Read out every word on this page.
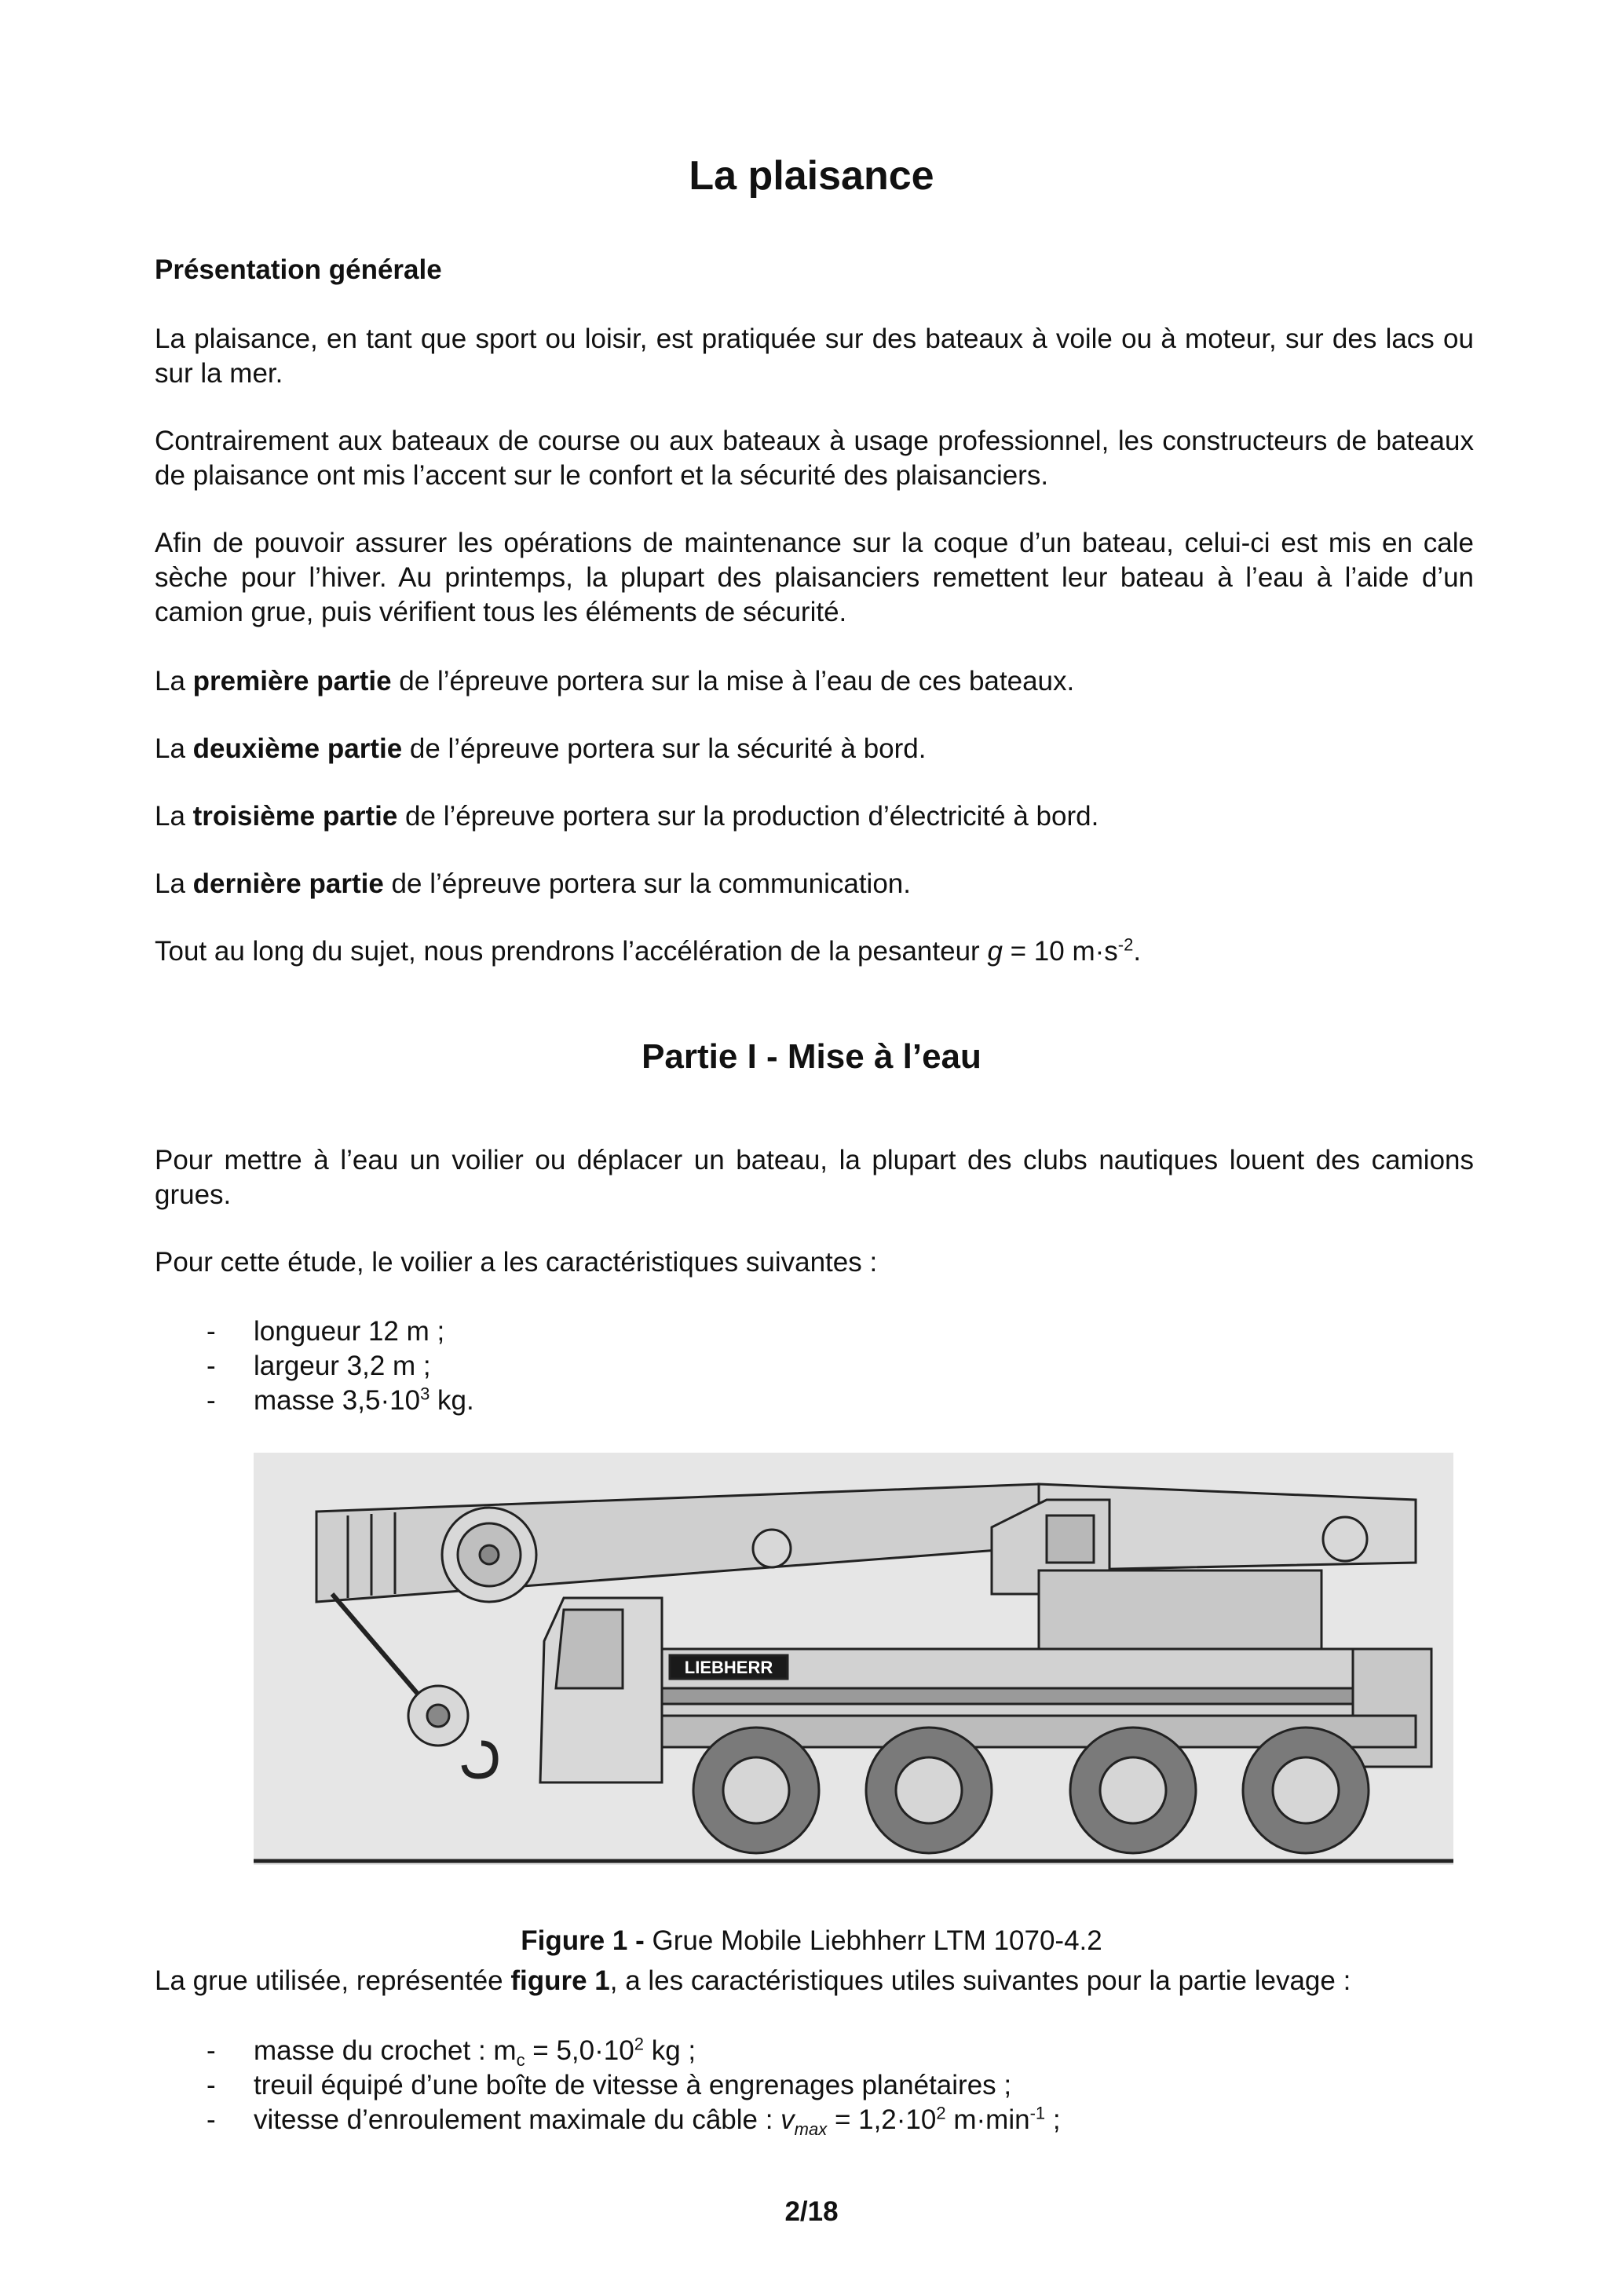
La plaisance

Présentation générale

La plaisance, en tant que sport ou loisir, est pratiquée sur des bateaux à voile ou à moteur, sur des lacs ou sur la mer.

Contrairement aux bateaux de course ou aux bateaux à usage professionnel, les constructeurs de bateaux de plaisance ont mis l’accent sur le confort et la sécurité des plaisanciers.

Afin de pouvoir assurer les opérations de maintenance sur la coque d’un bateau, celui-ci est mis en cale sèche pour l’hiver. Au printemps, la plupart des plaisanciers remettent leur bateau à l’eau à l’aide d’un camion grue, puis vérifient tous les éléments de sécurité.

La première partie de l’épreuve portera sur la mise à l’eau de ces bateaux.

La deuxième partie de l’épreuve portera sur la sécurité à bord.

La troisième partie de l’épreuve portera sur la production d’électricité à bord.

La dernière partie de l’épreuve portera sur la communication.

Tout au long du sujet, nous prendrons l’accélération de la pesanteur g = 10 $m\cdot s^{-2}$.

Partie I - Mise à l’eau

Pour mettre à l’eau un voilier ou déplacer un bateau, la plupart des clubs nautiques louent des camions grues.

Pour cette étude, le voilier a les caractéristiques suivantes :

- longueur 12 m ;
- largeur 3,2 m ;
- masse $3,5\cdot 10^3$ kg.
LIEBHERR

Figure 1 - Grue Mobile Liebhherr LTM 1070-4.2

La grue utilisée, représentée figure 1, a les caractéristiques utiles suivantes pour la partie levage :

- masse du crochet : $m_c = 5,0\cdot 10^2$ kg ;
- treuil équipé d’une boîte de vitesse à engrenages planétaires ;
- vitesse d’enroulement maximale du câble : $v_{max} = 1,2\cdot 10^2$ $m\cdot\min^{-1}$ ;
2/18
